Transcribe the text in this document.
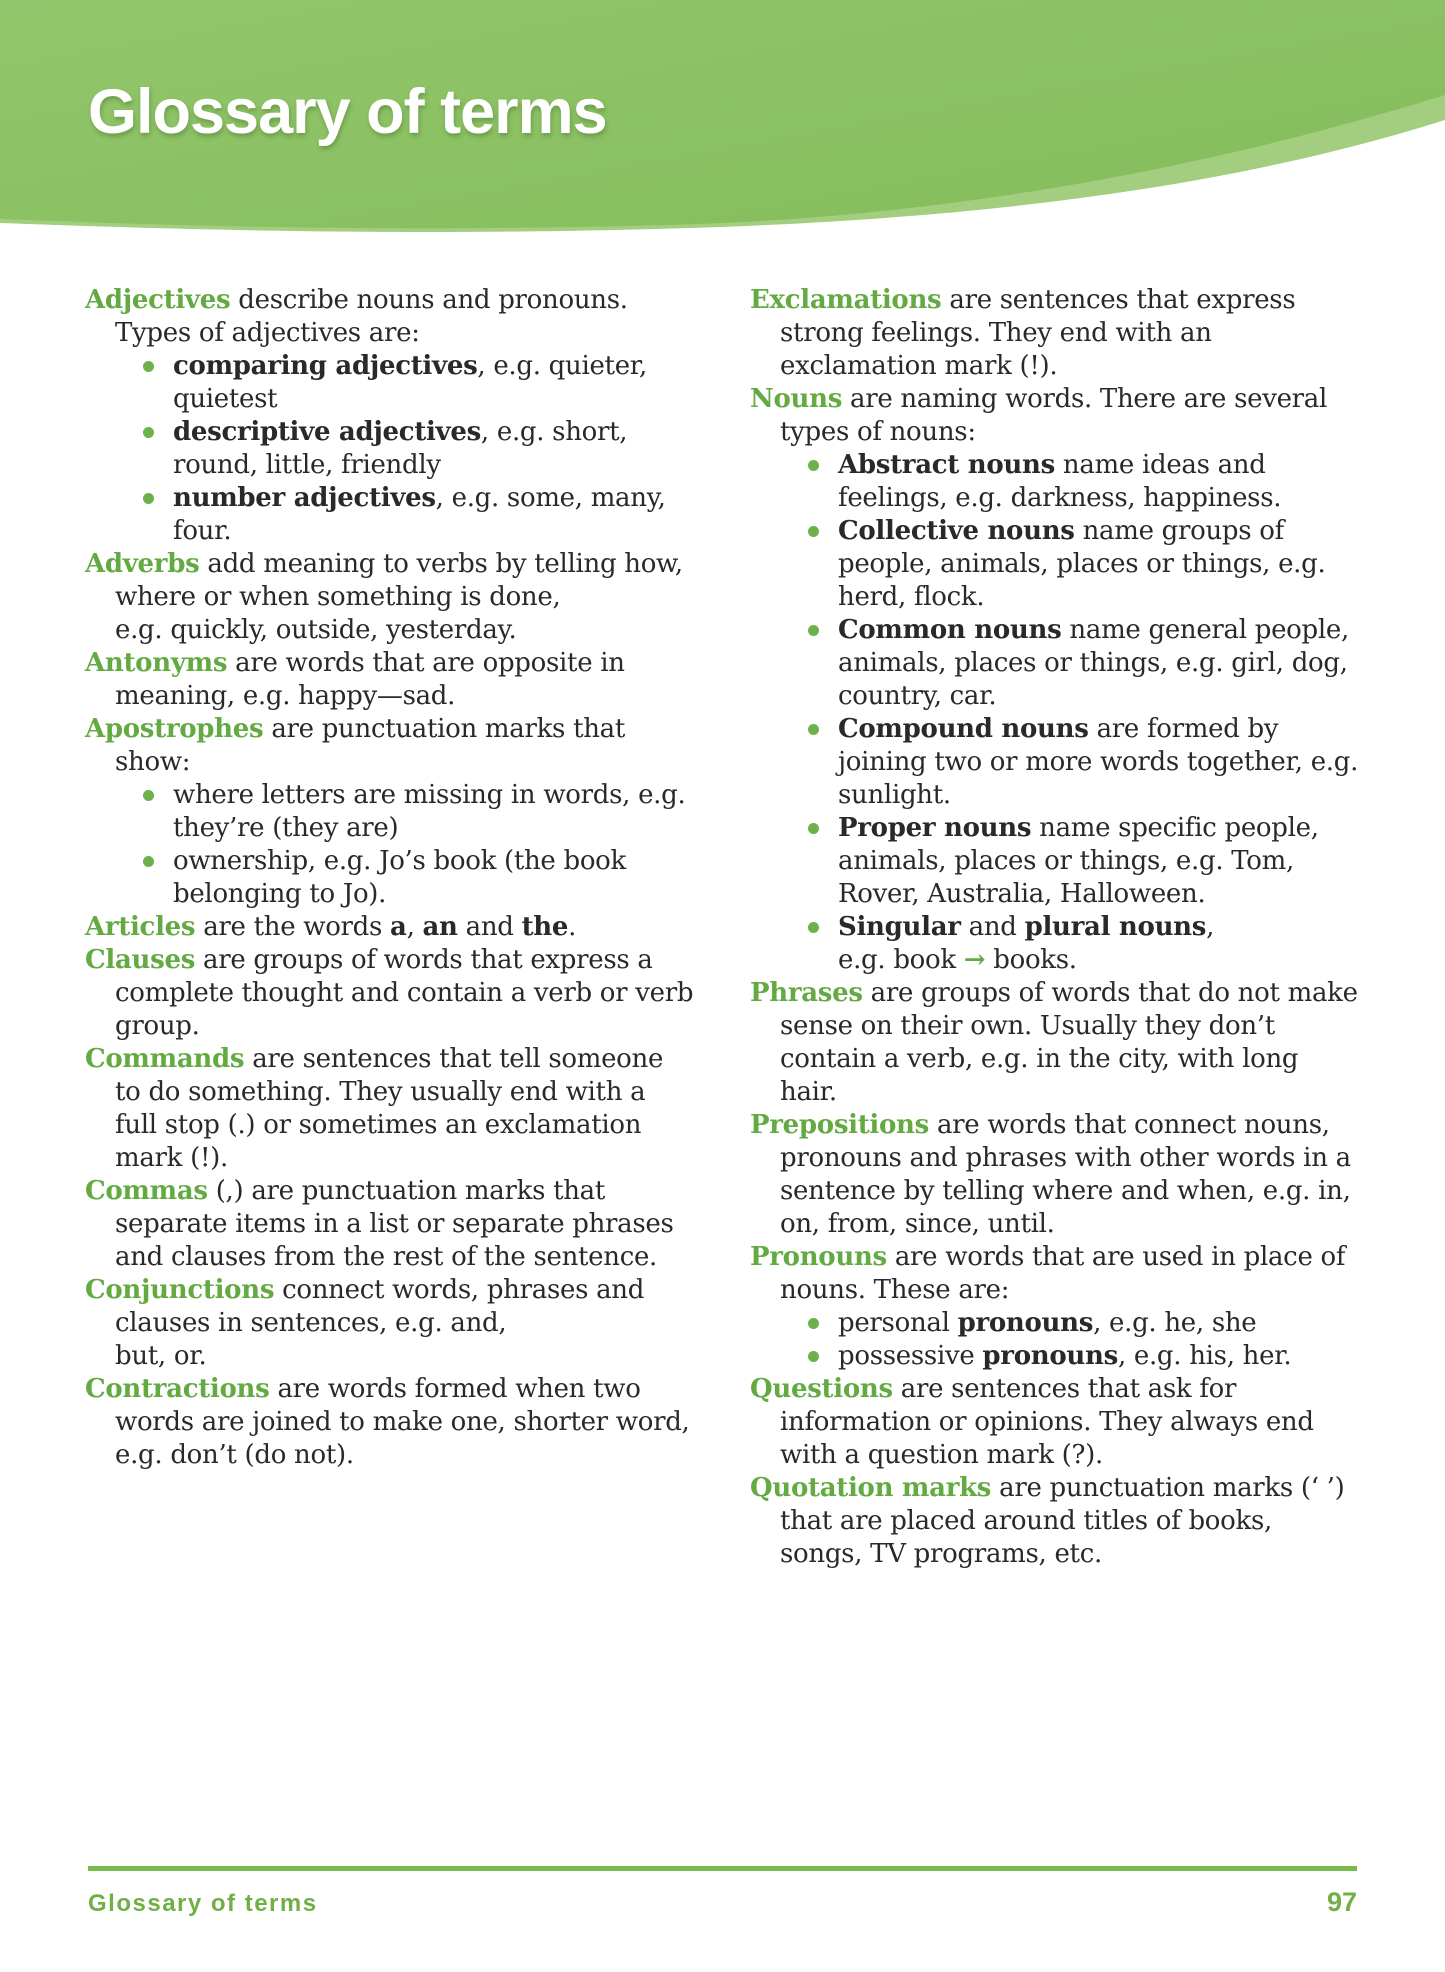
Glossary of terms

Adjectives describe nouns and pronouns. Types of adjectives are:

comparing adjectives, e.g. quieter, quietest
descriptive adjectives, e.g. short, round, little, friendly
number adjectives, e.g. some, many, four.

Adverbs add meaning to verbs by telling how, where or when something is done,
e.g. quickly, outside, yesterday.

Antonyms are words that are opposite in meaning, e.g. happy—sad.

Apostrophes are punctuation marks that show:

where letters are missing in words, e.g. they’re (they are)
ownership, e.g. Jo’s book (the book belonging to Jo).

Articles are the words a, an and the.

Clauses are groups of words that express a complete thought and contain a verb or verb group.

Commands are sentences that tell someone to do something. They usually end with a full stop (.) or sometimes an exclamation mark (!).

Commas (,) are punctuation marks that separate items in a list or separate phrases and clauses from the rest of the sentence.

Conjunctions connect words, phrases and clauses in sentences, e.g. and,
but, or.

Contractions are words formed when two words are joined to make one, shorter word, e.g. don’t (do not).

Exclamations are sentences that express strong feelings. They end with an exclamation mark (!).

Nouns are naming words. There are several types of nouns:

Abstract nouns name ideas and feelings, e.g. darkness, happiness.
Collective nouns name groups of people, animals, places or things, e.g. herd, flock.
Common nouns name general people, animals, places or things, e.g. girl, dog, country, car.
Compound nouns are formed by joining two or more words together, e.g. sunlight.
Proper nouns name specific people, animals, places or things, e.g. Tom, Rover, Australia, Halloween.
Singular and plural nouns,
e.g. book → books.

Phrases are groups of words that do not make sense on their own. Usually they don’t contain a verb, e.g. in the city, with long hair.

Prepositions are words that connect nouns, pronouns and phrases with other words in a sentence by telling where and when, e.g. in, on, from, since, until.

Pronouns are words that are used in place of nouns. These are:

personal pronouns, e.g. he, she
possessive pronouns, e.g. his, her.

Questions are sentences that ask for information or opinions. They always end with a question mark (?).

Quotation marks are punctuation marks (‘ ’) that are placed around titles of books, songs, TV programs, etc.

Glossary of terms	97
